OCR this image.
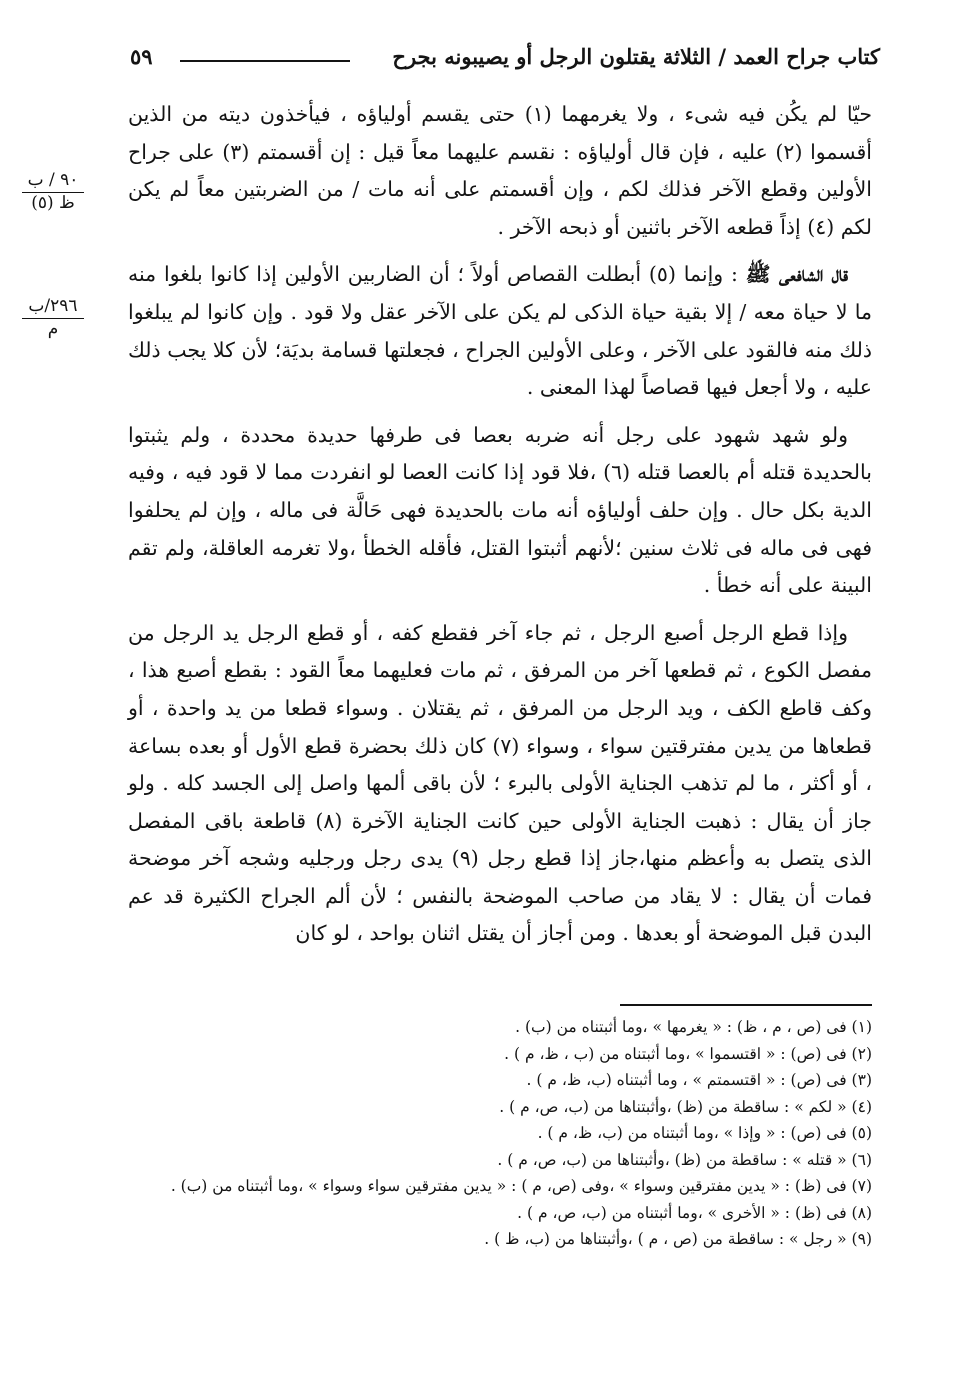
كتاب جراح العمد / الثلاثة يقتلون الرجل أو يصيبونه بجرح
٥٩
٩٠ / ب
ظ (٥)
٢٩٦/ب
م

حيّا لم يكُن فيه شىء ، ولا يغرمهما (١) حتى يقسم أولياؤه ، فيأخذون ديته من الذين أقسموا (٢) عليه ، فإن قال أولياؤه : نقسم عليهما معاً قيل : إن أقسمتم (٣) على جراح الأولين وقطع الآخر فذلك لكم ، وإن أقسمتم على أنه مات / من الضربتين معاً لم يكن لكم (٤) إذاً قطعه الآخر باثنين أو ذبحه الآخر .

قال الشافعى ﷺ : وإنما (٥) أبطلت القصاص أولاً ؛ أن الضاربين الأولين إذا كانوا بلغوا منه ما لا حياة معه / إلا بقية حياة الذكى لم يكن على الآخر عقل ولا قود . وإن كانوا لم يبلغوا ذلك منه فالقود على الآخر ، وعلى الأولين الجراح ، فجعلتها قسامة بديَة؛ لأن كلا يجب ذلك عليه ، ولا أجعل فيها قصاصاً لهذا المعنى .

ولو شهد شهود على رجل أنه ضربه بعصا فى طرفها حديدة محددة ، ولم يثبتوا بالحديدة قتله أم بالعصا قتله (٦) ،فلا قود إذا كانت العصا لو انفردت مما لا قود فيه ، وفيه الدية بكل حال . وإن حلف أولياؤه أنه مات بالحديدة فهى حَالَّة فى ماله ، وإن لم يحلفوا فهى فى ماله فى ثلاث سنين ؛لأنهم أثبتوا القتل، فأقله الخطأ ،ولا تغرمه العاقلة، ولم تقم البينة على أنه خطأ .

وإذا قطع الرجل أصبع الرجل ، ثم جاء آخر فقطع كفه ، أو قطع الرجل يد الرجل من مفصل الكوع ، ثم قطعها آخر من المرفق ، ثم مات فعليهما معاً القود : بقطع أصبع هذا ، وكف قاطع الكف ، ويد الرجل من المرفق ، ثم يقتلان . وسواء قطعا من يد واحدة ، أو قطعاها من يدين مفترقتين سواء ، وسواء (٧) كان ذلك بحضرة قطع الأول أو بعده بساعة ، أو أكثر ، ما لم تذهب الجناية الأولى بالبرء ؛ لأن باقى ألمها واصل إلى الجسد كله . ولو جاز أن يقال : ذهبت الجناية الأولى حين كانت الجناية الآخرة (٨) قاطعة باقى المفصل الذى يتصل به وأعظم منها،جاز إذا قطع رجل (٩) يدى رجل ورجليه وشجه آخر موضحة فمات أن يقال : لا يقاد من صاحب الموضحة بالنفس ؛ لأن ألم الجراح الكثيرة قد عم البدن قبل الموضحة أو بعدها . ومن أجاز أن يقتل اثنان بواحد ، لو كان

(١) فى (ص ، م ، ظ) : « يغرمها » ،وما أثبتناه من (ب) .
(٢) فى (ص) : « اقتسموا » ،وما أثبتناه من (ب ، ظ، م ) .
(٣) فى (ص) : « اقتسمتم » ، وما أثبتناه (ب، ظ، م ) .
(٤) « لكم » : ساقطة من (ظ) ،وأثبتناها من (ب، ص، م ) .
(٥) فى (ص) : « وإذا » ،وما أثبتناه من (ب، ظ، م ) .
(٦) « قتله » : ساقطة من (ظ) ،وأثبتناها من (ب، ص، م ) .
(٧) فى (ظ) : « يدين مفترقين وسواء » ،وفى (ص، م ) : « يدين مفترقين سواء وسواء » ،وما أثبتناه من (ب) .
(٨) فى (ظ) : « الأخرى » ،وما أثبتناه من (ب، ص، م ) .
(٩) « رجل » : ساقطة من (ص ، م ) ،وأثبتناها من (ب، ظ ) .
